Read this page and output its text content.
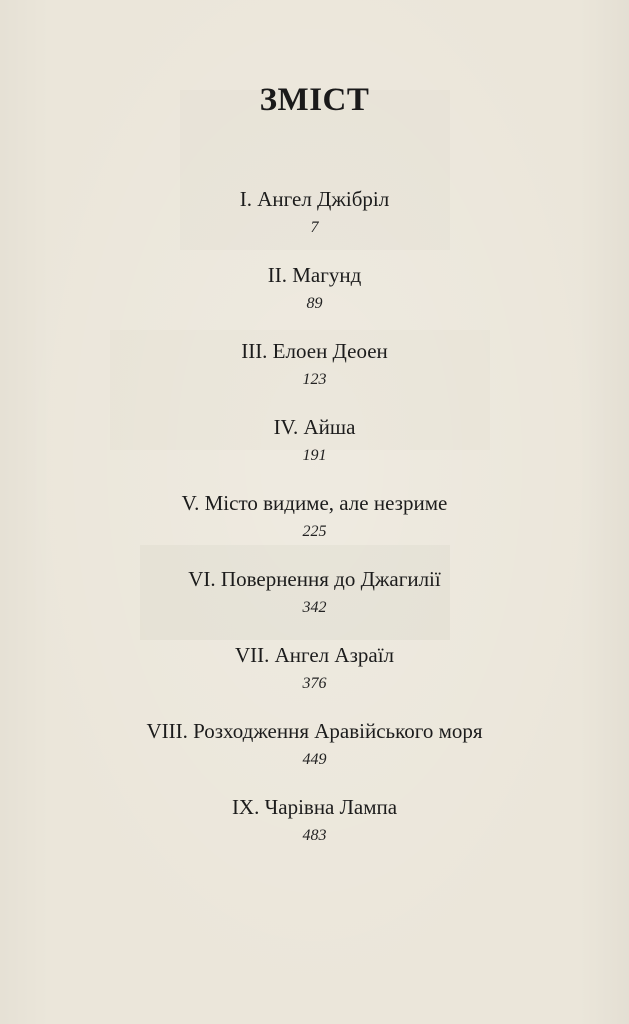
ЗМІСТ
I. Ангел Джібріл
7
II. Магунд
89
III. Елоен Деоен
123
IV. Айша
191
V. Місто видиме, але незриме
225
VI. Повернення до Джагилії
342
VII. Ангел Азраїл
376
VIII. Розходження Аравійського моря
449
IX. Чарівна Лампа
483
